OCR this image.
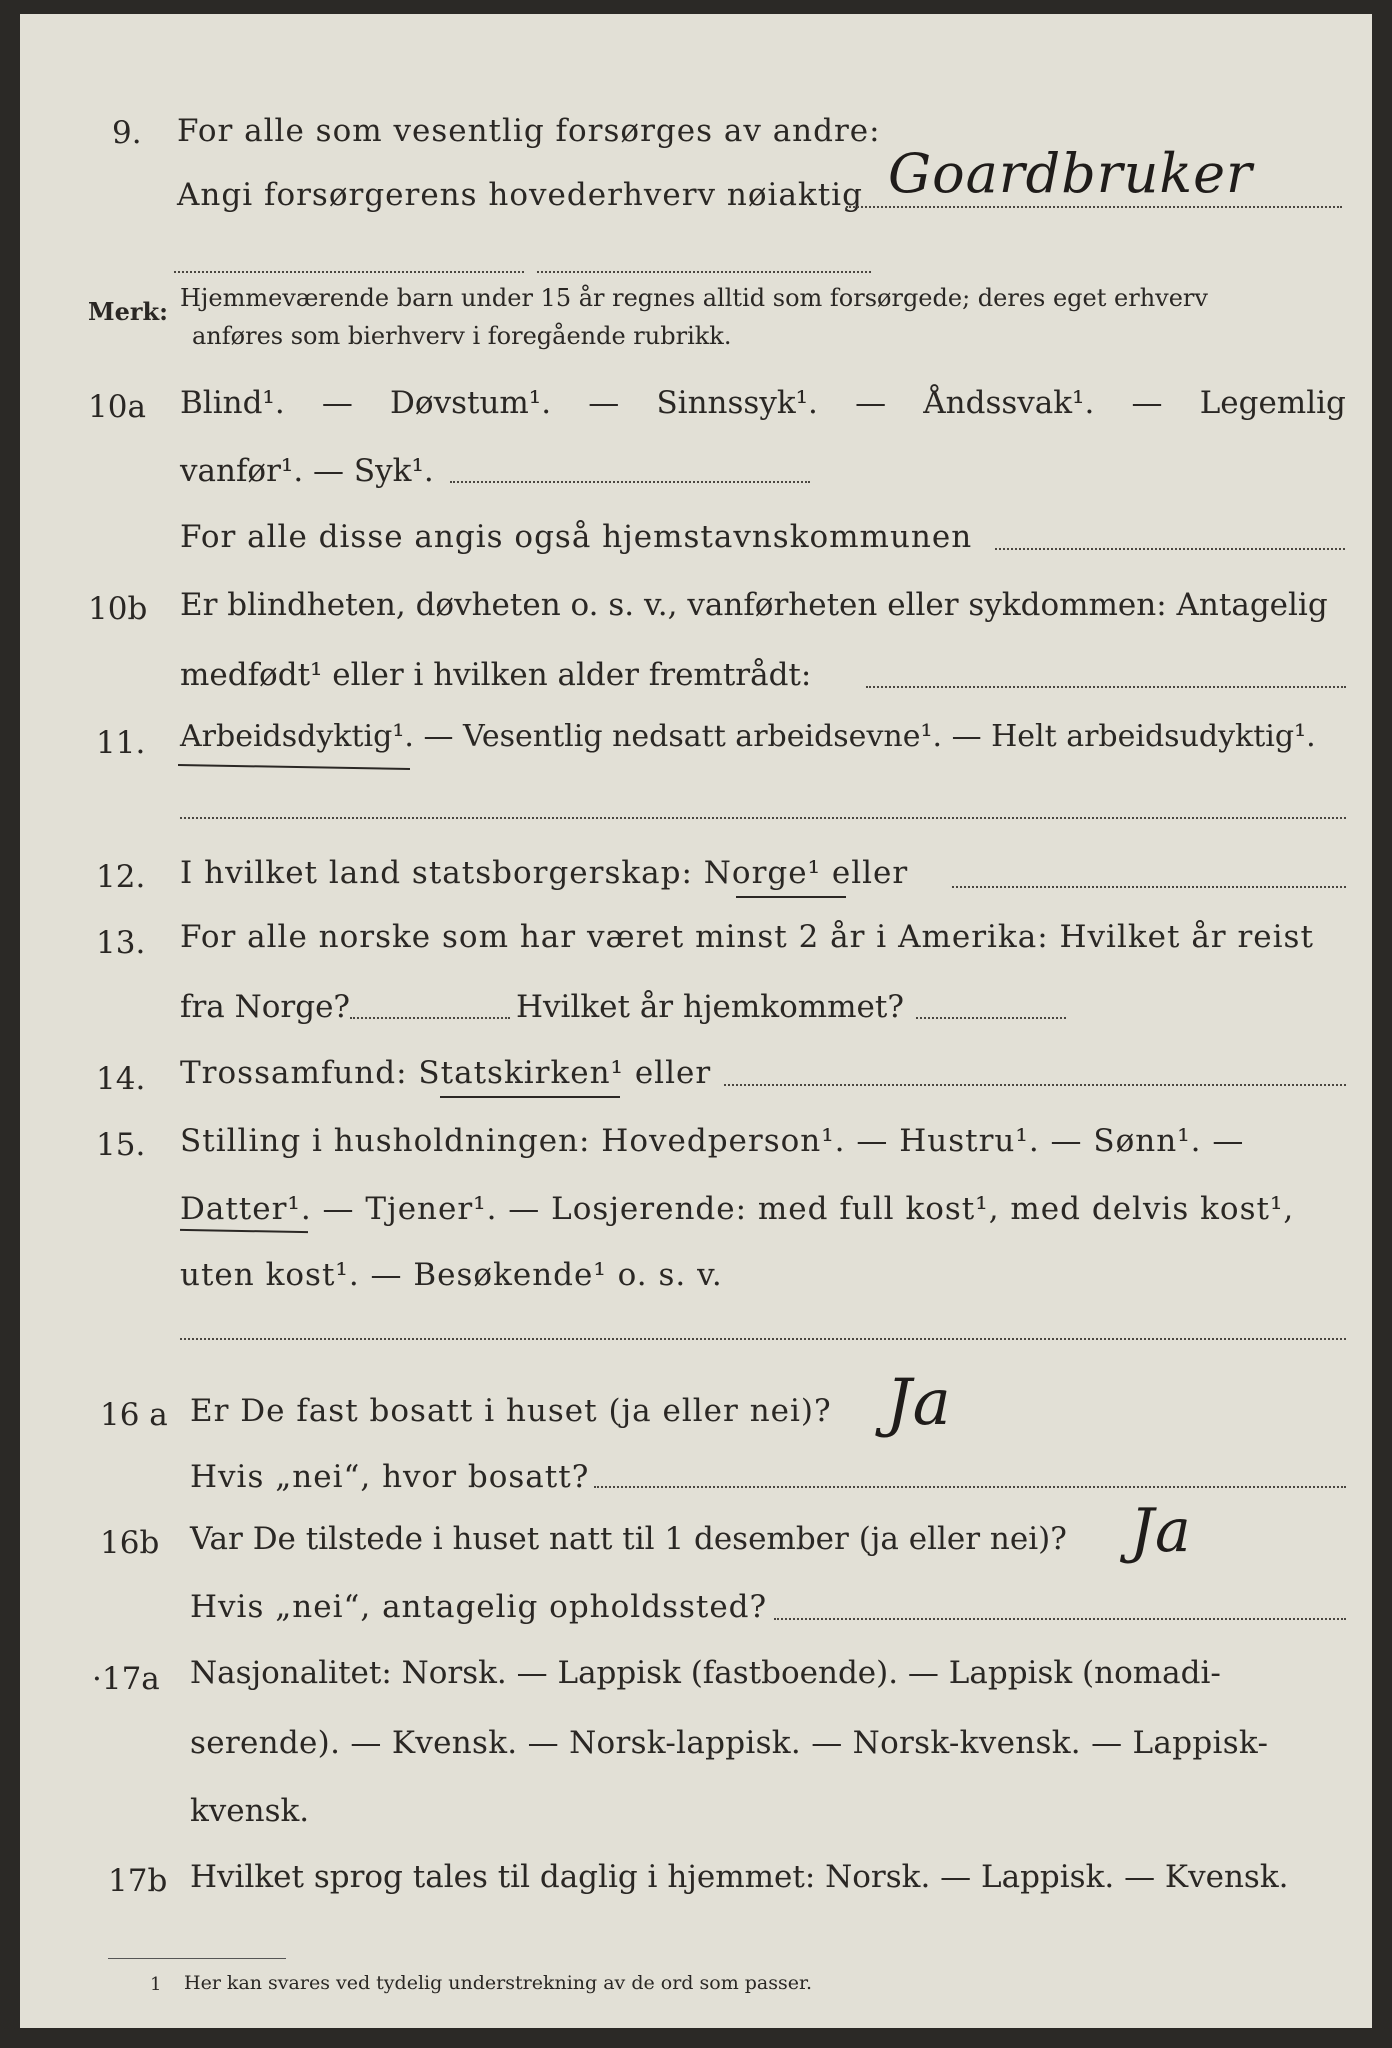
9. For alle som vesentlig forsørges av andre:
Angi forsørgerens hovederhverv nøiaktig Goardbruker
Merk: Hjemmeværende barn under 15 år regnes alltid som forsørgede; deres eget erhverv
anføres som bierhverv i foregående rubrikk.
10a Blind¹. — Døvstum¹. — Sinnssyk¹. — Åndssvak¹. — Legemlig
vanfør¹. — Syk¹.
For alle disse angis også hjemstavnskommunen
10b Er blindheten, døvheten o. s. v., vanførheten eller sykdommen: Antagelig
medfødt¹ eller i hvilken alder fremtrådt:
11. Arbeidsdyktig¹. — Vesentlig nedsatt arbeidsevne¹. — Helt arbeidsudyktig¹.
12. I hvilket land statsborgerskap: Norge¹ eller
13. For alle norske som har været minst 2 år i Amerika: Hvilket år reist
fra Norge?	Hvilket år hjemkommet?
14. Trossamfund: Statskirken¹ eller
15. Stilling i husholdningen: Hovedperson¹. — Hustru¹. — Sønn¹. —
Datter¹. — Tjener¹. — Losjerende: med full kost¹, med delvis kost¹,
uten kost¹. — Besøkende¹ o. s. v.
16 a Er De fast bosatt i huset (ja eller nei)? Ja
Hvis „nei“, hvor bosatt?
16b Var De tilstede i huset natt til 1 desember (ja eller nei)? Ja
Hvis „nei“, antagelig opholdssted?
·17a Nasjonalitet: Norsk. — Lappisk (fastboende). — Lappisk (nomadi-
serende). — Kvensk. — Norsk-lappisk. — Norsk-kvensk. — Lappisk-
kvensk.
17b Hvilket sprog tales til daglig i hjemmet: Norsk. — Lappisk. — Kvensk.
1 Her kan svares ved tydelig understrekning av de ord som passer.
